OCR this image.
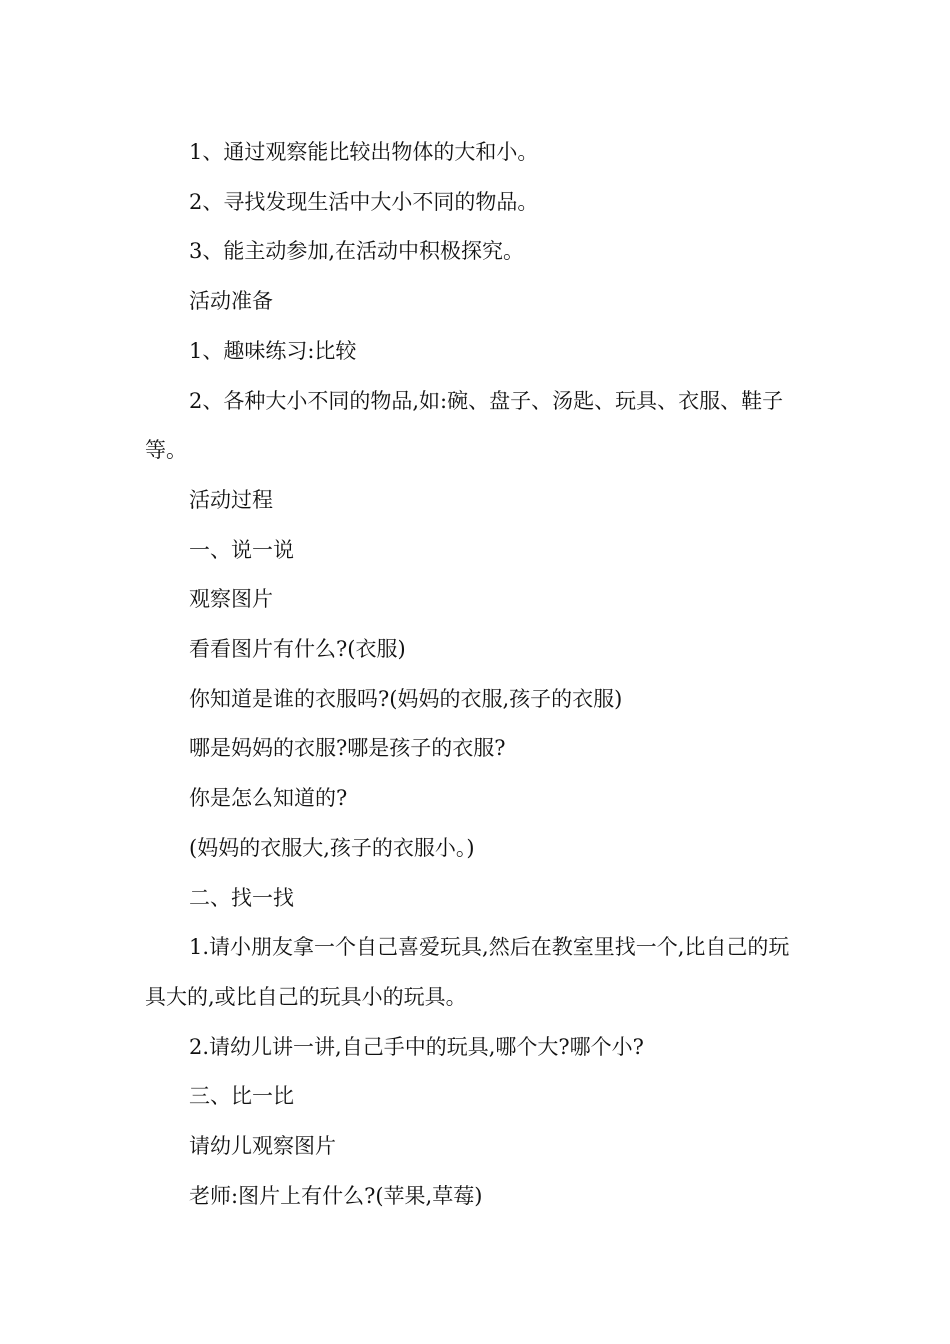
1、通过观察能比较出物体的大和小。

2、寻找发现生活中大小不同的物品。

3、能主动参加,在活动中积极探究。

活动准备

1、趣味练习:比较

2、各种大小不同的物品,如:碗、盘子、汤匙、玩具、衣服、鞋子等。

活动过程

一、说一说

观察图片

看看图片有什么?(衣服)

你知道是谁的衣服吗?(妈妈的衣服,孩子的衣服)

哪是妈妈的衣服?哪是孩子的衣服?

你是怎么知道的?

(妈妈的衣服大,孩子的衣服小。)

二、找一找

1.请小朋友拿一个自己喜爱玩具,然后在教室里找一个,比自己的玩具大的,或比自己的玩具小的玩具。

2.请幼儿讲一讲,自己手中的玩具,哪个大?哪个小?

三、比一比

请幼儿观察图片

老师:图片上有什么?(苹果,草莓)
